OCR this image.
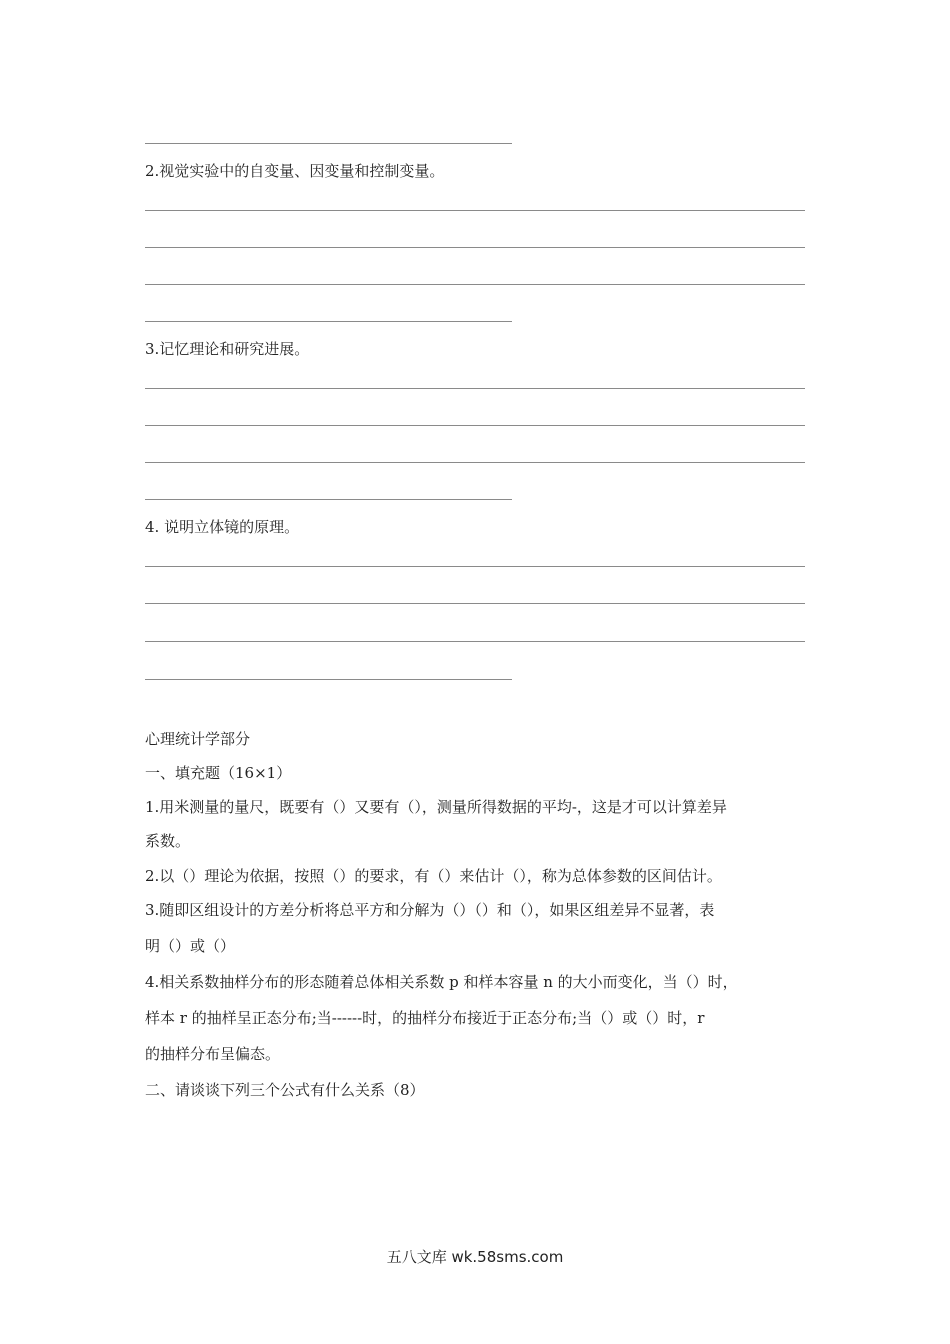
2.视觉实验中的自变量、因变量和控制变量。
3.记忆理论和研究进展。
4. 说明立体镜的原理。
心理统计学部分
一、填充题（16×1）
1.用米测量的量尺，既要有（）又要有（），测量所得数据的平均-，这是才可以计算差异
系数。
2.以（）理论为依据，按照（）的要求，有（）来估计（），称为总体参数的区间估计。
3.随即区组设计的方差分析将总平方和分解为（）（）和（），如果区组差异不显著，表
明（）或（）
4.相关系数抽样分布的形态随着总体相关系数 p 和样本容量 n 的大小而变化，当（）时，
样本 r 的抽样呈正态分布;当------时，的抽样分布接近于正态分布;当（）或（）时，r
的抽样分布呈偏态。
二、请谈谈下列三个公式有什么关系（8）
五八文库 wk.58sms.com
